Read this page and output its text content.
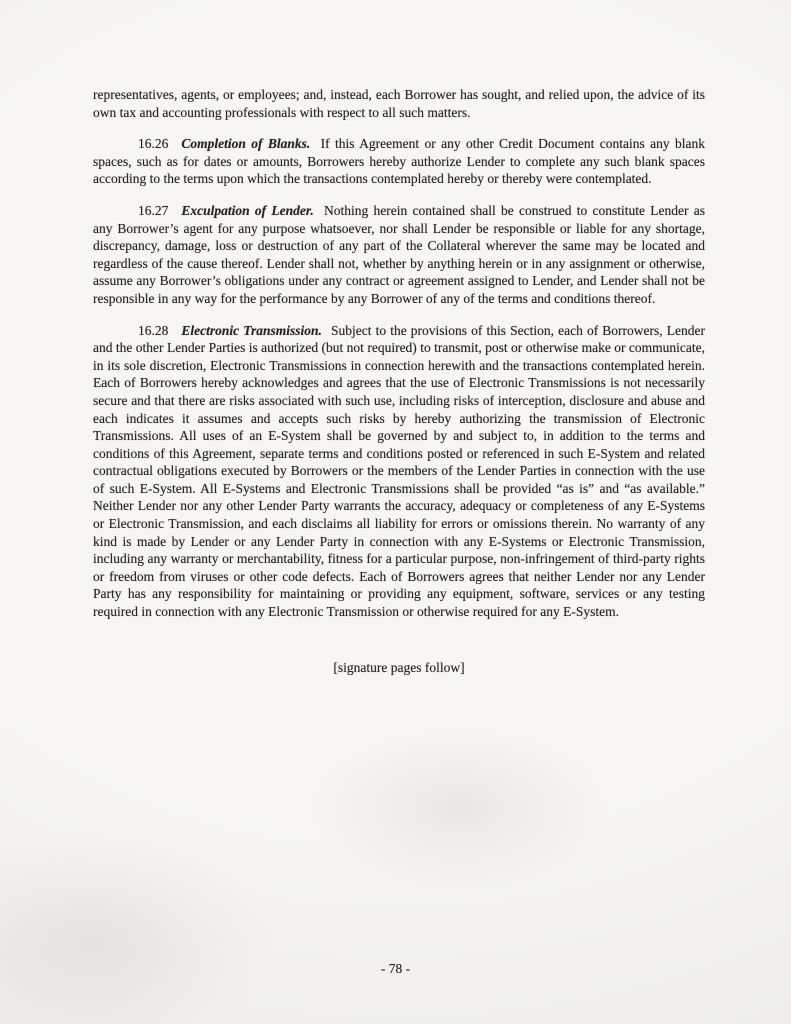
representatives, agents, or employees; and, instead, each Borrower has sought, and relied upon, the advice of its own tax and accounting professionals with respect to all such matters.

16.26 Completion of Blanks. If this Agreement or any other Credit Document contains any blank spaces, such as for dates or amounts, Borrowers hereby authorize Lender to complete any such blank spaces according to the terms upon which the transactions contemplated hereby or thereby were contemplated.

16.27 Exculpation of Lender. Nothing herein contained shall be construed to constitute Lender as any Borrower’s agent for any purpose whatsoever, nor shall Lender be responsible or liable for any shortage, discrepancy, damage, loss or destruction of any part of the Collateral wherever the same may be located and regardless of the cause thereof. Lender shall not, whether by anything herein or in any assignment or otherwise, assume any Borrower’s obligations under any contract or agreement assigned to Lender, and Lender shall not be responsible in any way for the performance by any Borrower of any of the terms and conditions thereof.

16.28 Electronic Transmission. Subject to the provisions of this Section, each of Borrowers, Lender and the other Lender Parties is authorized (but not required) to transmit, post or otherwise make or communicate, in its sole discretion, Electronic Transmissions in connection herewith and the transactions contemplated herein. Each of Borrowers hereby acknowledges and agrees that the use of Electronic Transmissions is not necessarily secure and that there are risks associated with such use, including risks of interception, disclosure and abuse and each indicates it assumes and accepts such risks by hereby authorizing the transmission of Electronic Transmissions. All uses of an E-System shall be governed by and subject to, in addition to the terms and conditions of this Agreement, separate terms and conditions posted or referenced in such E-System and related contractual obligations executed by Borrowers or the members of the Lender Parties in connection with the use of such E-System. All E-Systems and Electronic Transmissions shall be provided “as is” and “as available.” Neither Lender nor any other Lender Party warrants the accuracy, adequacy or completeness of any E-Systems or Electronic Transmission, and each disclaims all liability for errors or omissions therein. No warranty of any kind is made by Lender or any Lender Party in connection with any E-Systems or Electronic Transmission, including any warranty or merchantability, fitness for a particular purpose, non-infringement of third-party rights or freedom from viruses or other code defects. Each of Borrowers agrees that neither Lender nor any Lender Party has any responsibility for maintaining or providing any equipment, software, services or any testing required in connection with any Electronic Transmission or otherwise required for any E-System.

[signature pages follow]

- 78 -
